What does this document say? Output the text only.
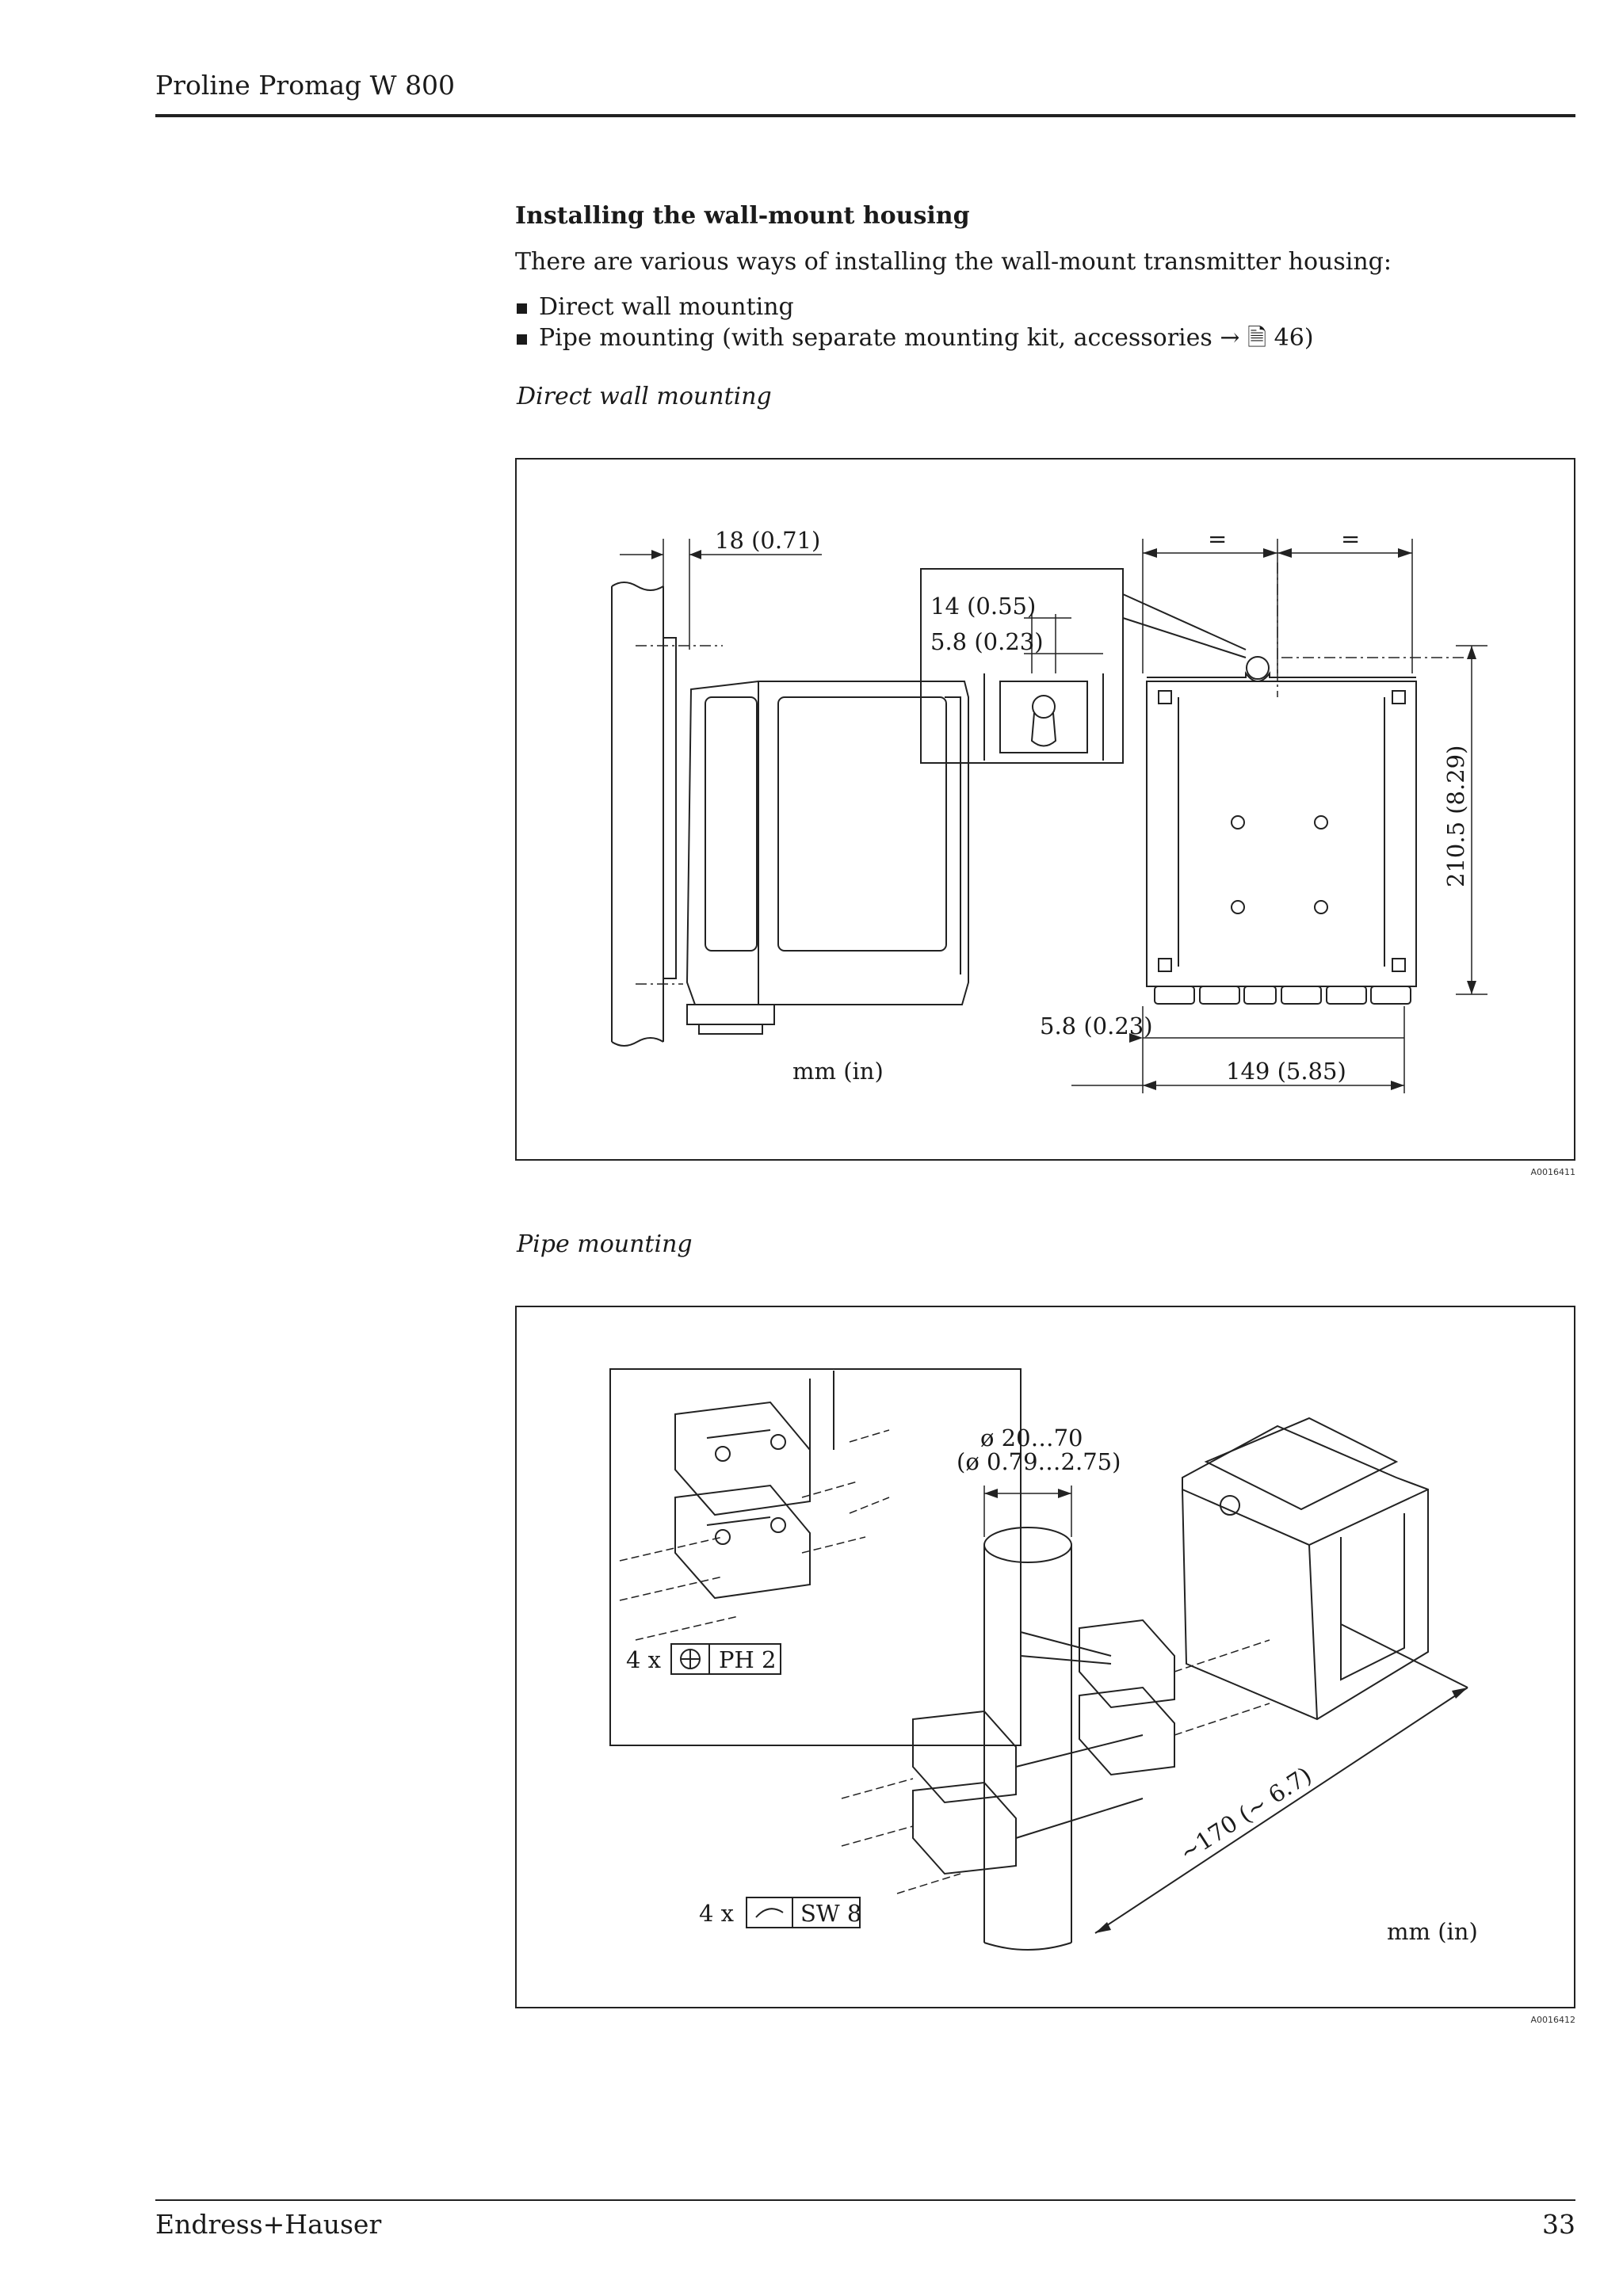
Proline Promag W 800
Installing the wall-mount housing
There are various ways of installing the wall-mount transmitter housing:
Direct wall mounting
Pipe mounting (with separate mounting kit, accessories → 🗎 46)
Direct wall mounting
18 (0.71)	=	=
14 (0.55)
5.8 (0.23)
210.5 (8.29)
5.8 (0.23)
149 (5.85)
mm (in)
A0016411
Pipe mounting
ø 20…70
(ø 0.79…2.75)
4 x	PH 2
4 x	SW 8
~170 (~ 6.7)
mm (in)
A0016412
Endress+Hauser	33
